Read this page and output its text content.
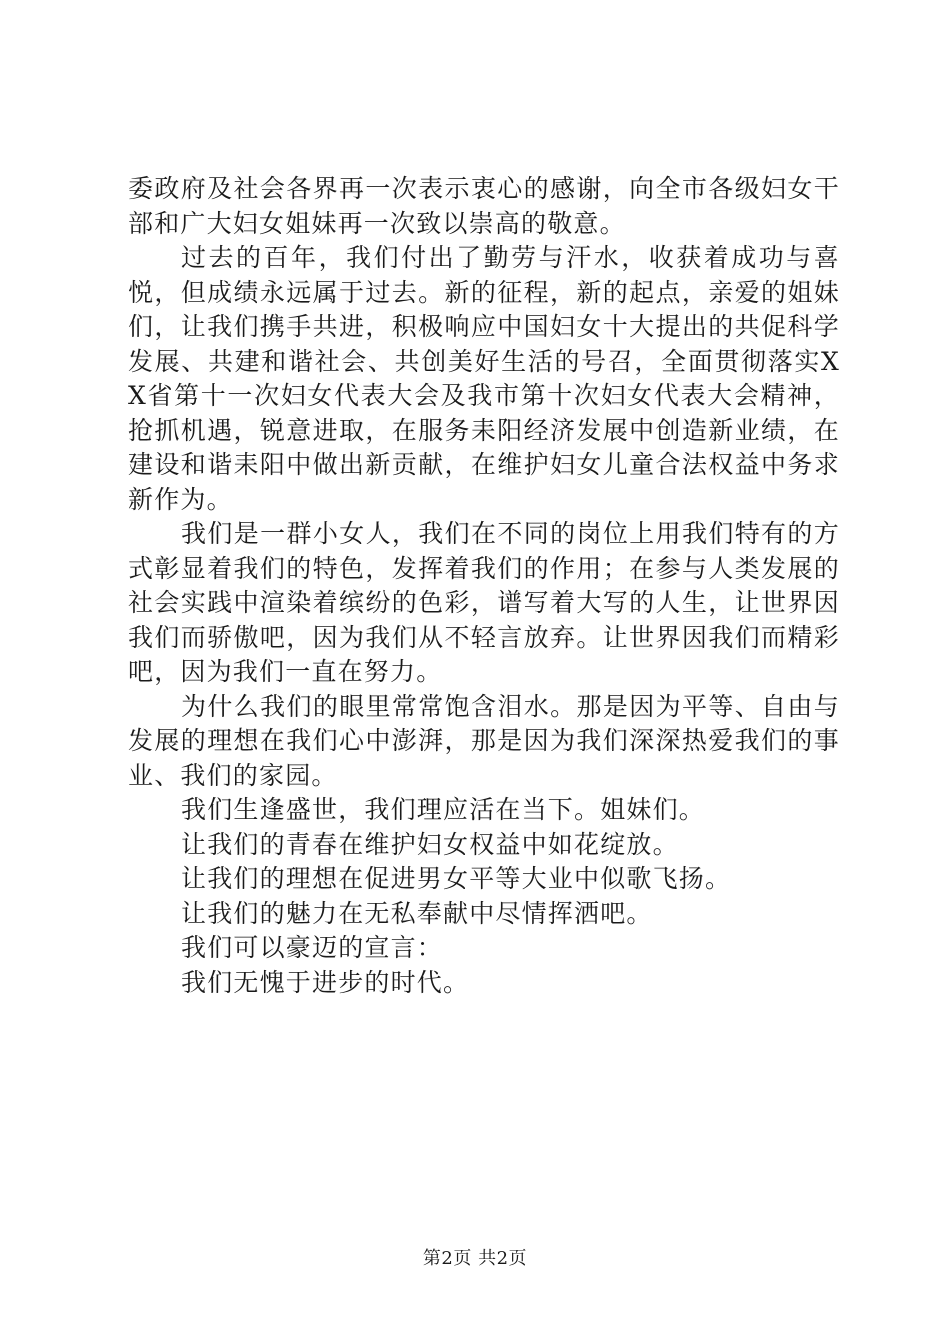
委政府及社会各界再一次表示衷心的感谢，向全市各级妇女干部和广大妇女姐妹再一次致以崇高的敬意。

过去的百年，我们付出了勤劳与汗水，收获着成功与喜悦，但成绩永远属于过去。新的征程，新的起点，亲爱的姐妹们，让我们携手共进，积极响应中国妇女十大提出的共促科学发展、共建和谐社会、共创美好生活的号召，全面贯彻落实XX省第十一次妇女代表大会及我市第十次妇女代表大会精神，抢抓机遇，锐意进取，在服务耒阳经济发展中创造新业绩，在建设和谐耒阳中做出新贡献，在维护妇女儿童合法权益中务求新作为。

我们是一群小女人，我们在不同的岗位上用我们特有的方式彰显着我们的特色，发挥着我们的作用；在参与人类发展的社会实践中渲染着缤纷的色彩，谱写着大写的人生，让世界因我们而骄傲吧，因为我们从不轻言放弃。让世界因我们而精彩吧，因为我们一直在努力。

为什么我们的眼里常常饱含泪水。那是因为平等、自由与发展的理想在我们心中澎湃，那是因为我们深深热爱我们的事业、我们的家园。

我们生逢盛世，我们理应活在当下。姐妹们。

让我们的青春在维护妇女权益中如花绽放。

让我们的理想在促进男女平等大业中似歌飞扬。

让我们的魅力在无私奉献中尽情挥洒吧。

我们可以豪迈的宣言：

我们无愧于进步的时代。

第2页 共2页
